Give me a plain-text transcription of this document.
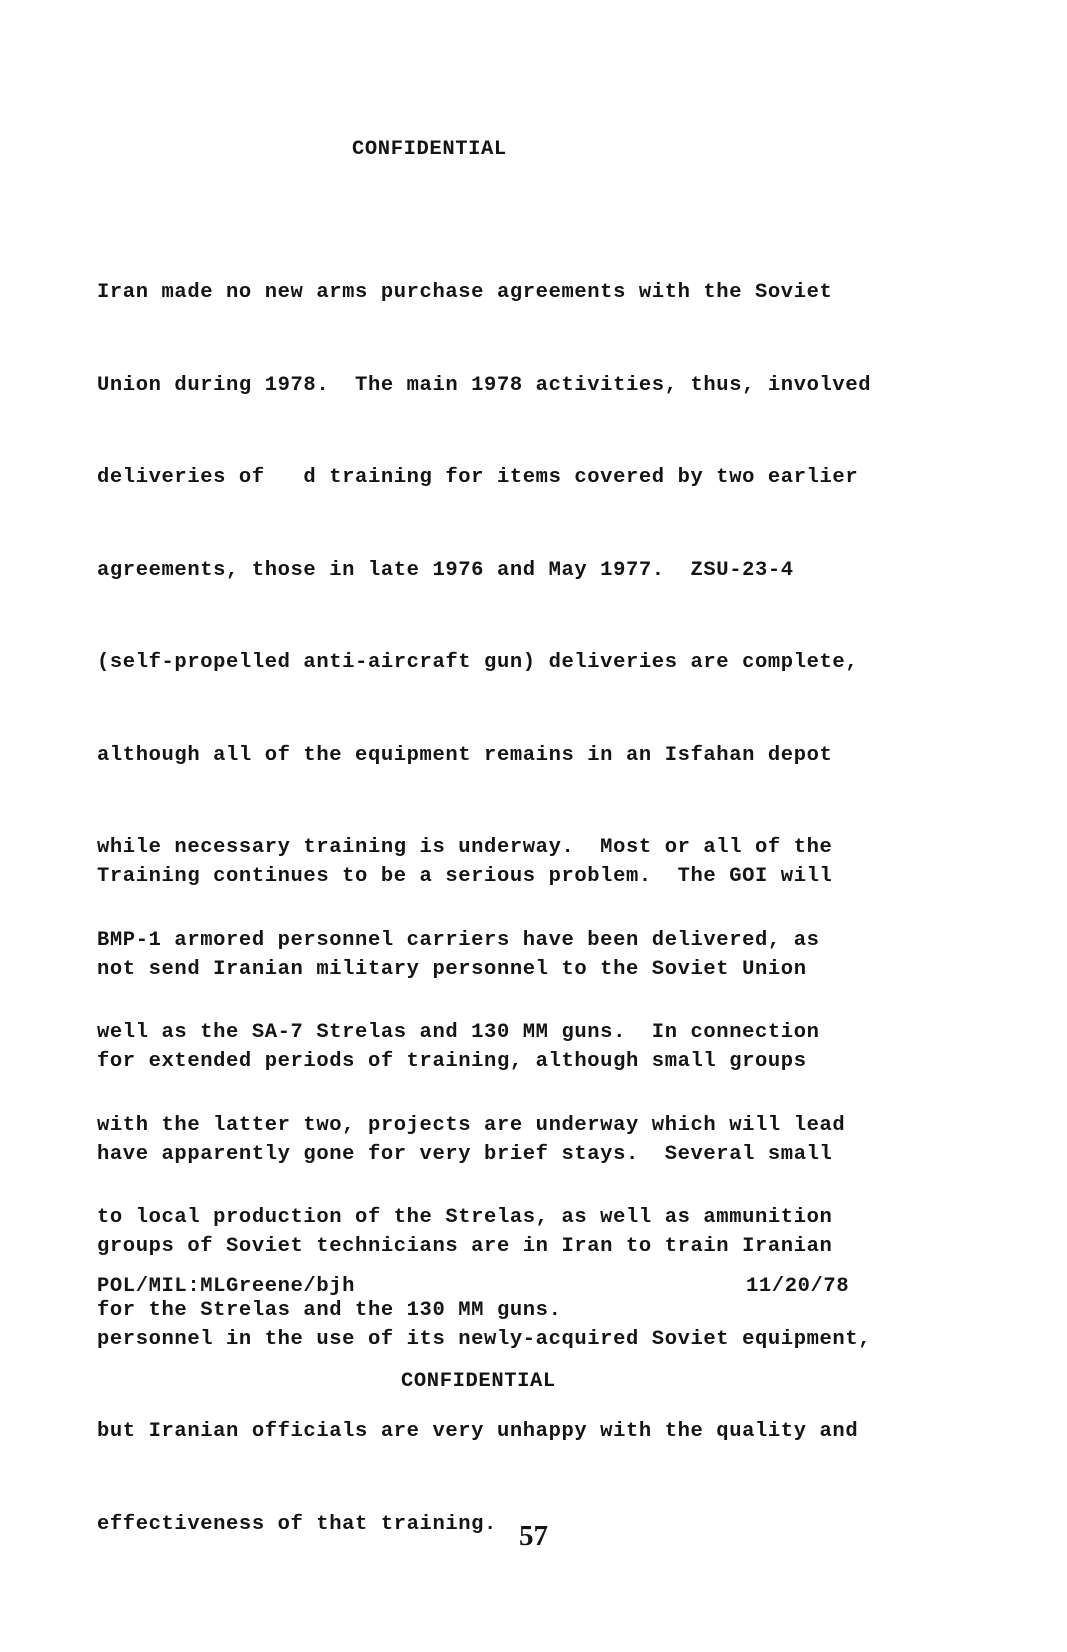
CONFIDENTIAL

Iran made no new arms purchase agreements with the Soviet

Union during 1978.  The main 1978 activities, thus, involved

deliveries of   d training for items covered by two earlier

agreements, those in late 1976 and May 1977.  ZSU-23-4

(self-propelled anti-aircraft gun) deliveries are complete,

although all of the equipment remains in an Isfahan depot

while necessary training is underway.  Most or all of the

BMP-1 armored personnel carriers have been delivered, as

well as the SA-7 Strelas and 130 MM guns.  In connection

with the latter two, projects are underway which will lead

to local production of the Strelas, as well as ammunition

for the Strelas and the 130 MM guns.

Training continues to be a serious problem.  The GOI will

not send Iranian military personnel to the Soviet Union

for extended periods of training, although small groups

have apparently gone for very brief stays.  Several small

groups of Soviet technicians are in Iran to train Iranian

personnel in the use of its newly-acquired Soviet equipment,

but Iranian officials are very unhappy with the quality and

effectiveness of that training.

POL/MIL:MLGreene/bjh	11/20/78

CONFIDENTIAL

57
